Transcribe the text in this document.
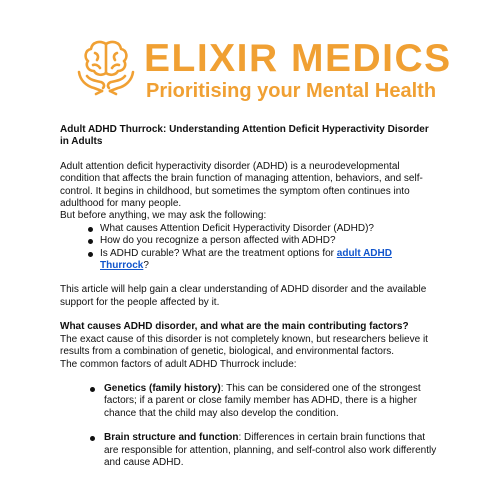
ELIXIR MEDICS
Prioritising your Mental Health
Adult ADHD Thurrock: Understanding Attention Deficit Hyperactivity Disorder in Adults
Adult attention deficit hyperactivity disorder (ADHD) is a neurodevelopmental condition that affects the brain function of managing attention, behaviors, and self-control. It begins in childhood, but sometimes the symptom often continues into adulthood for many people.
But before anything, we may ask the following:
What causes Attention Deficit Hyperactivity Disorder (ADHD)?
How do you recognize a person affected with ADHD?
Is ADHD curable? What are the treatment options for adult ADHD Thurrock?
This article will help gain a clear understanding of ADHD disorder and the available support for the people affected by it.
What causes ADHD disorder, and what are the main contributing factors?
The exact cause of this disorder is not completely known, but researchers believe it results from a combination of genetic, biological, and environmental factors.
The common factors of adult ADHD Thurrock include:
Genetics (family history): This can be considered one of the strongest factors; if a parent or close family member has ADHD, there is a higher chance that the child may also develop the condition.
Brain structure and function: Differences in certain brain functions that are responsible for attention, planning, and self-control also work differently and cause ADHD.
